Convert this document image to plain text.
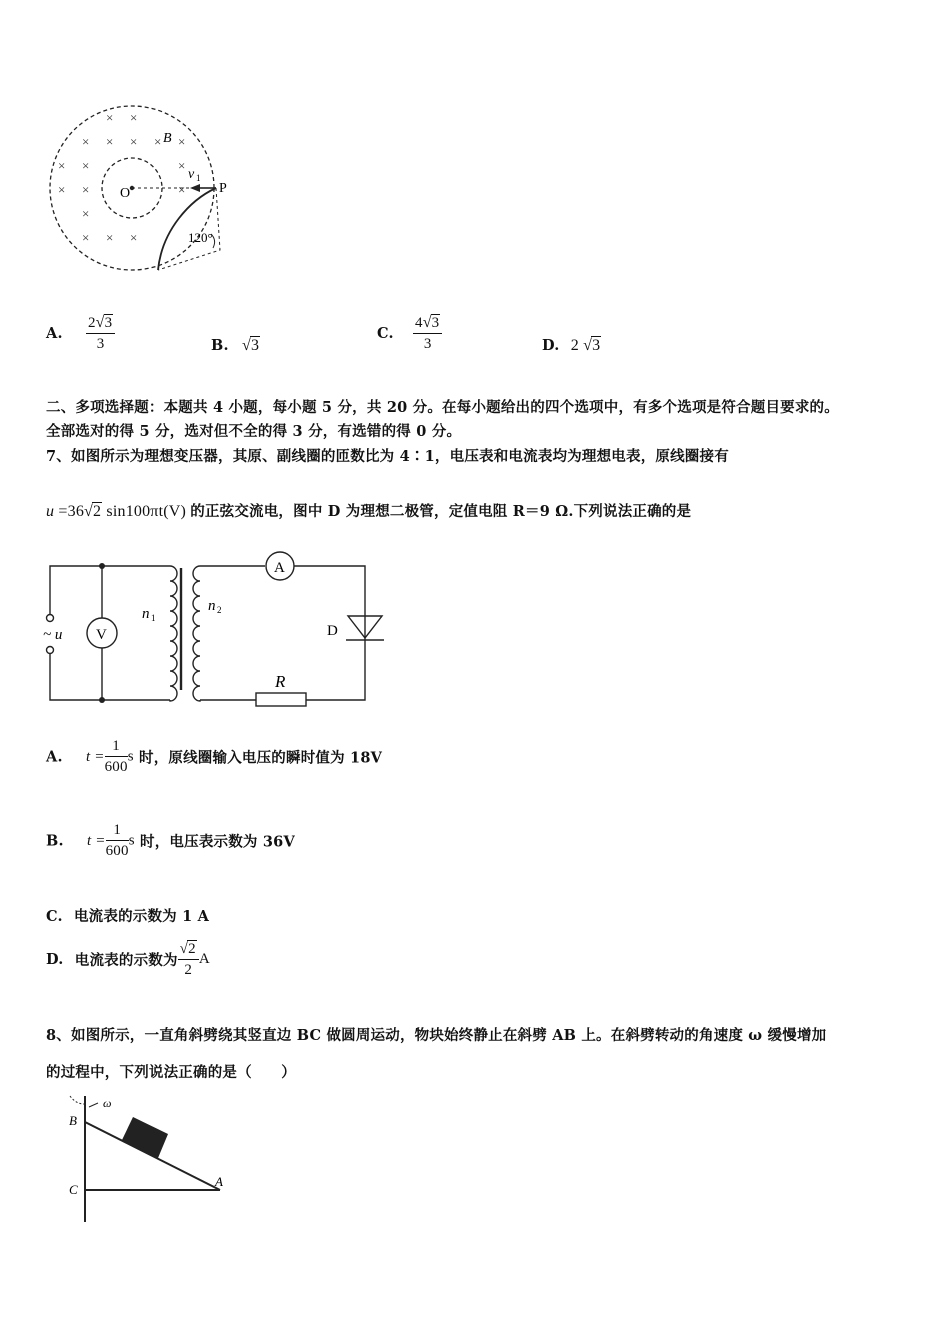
× ×
× × × × ×
× ×	×
× ×	×
×
× × ×
B
O
v 1
P
120°
A. $\frac{2√3}{3}$	B. √3
C. $\frac{4√3}{3}$	D. 2 √3
二、多项选择题：本题共 4 小题，每小题 5 分，共 20 分。在每小题给出的四个选项中，有多个选项是符合题目要求的。
全部选对的得 5 分，选对但不全的得 3 分，有选错的得 0 分。
7、如图所示为理想变压器，其原、副线圈的匝数比为 4∶1，电压表和电流表均为理想电表，原线圈接有
u =36√2 sin100πt(V) 的正弦交流电，图中 D 为理想二极管，定值电阻 R＝9 Ω.下列说法正确的是
A
V
~ u
n 1
n 2
D
R
A. $t = \frac{1}{600}$ s 时，原线圈输入电压的瞬时值为 18V
B. $t = \frac{1}{600}$ s 时，电压表示数为 36V
C. 电流表的示数为 1 A
D. 电流表的示数为 $\frac{√2}{2}$ A
8、如图所示，一直角斜劈绕其竖直边 BC 做圆周运动，物块始终静止在斜劈 AB 上。在斜劈转动的角速度 ω 缓慢增加
的过程中，下列说法正确的是（　　）
B
C
A
ω
